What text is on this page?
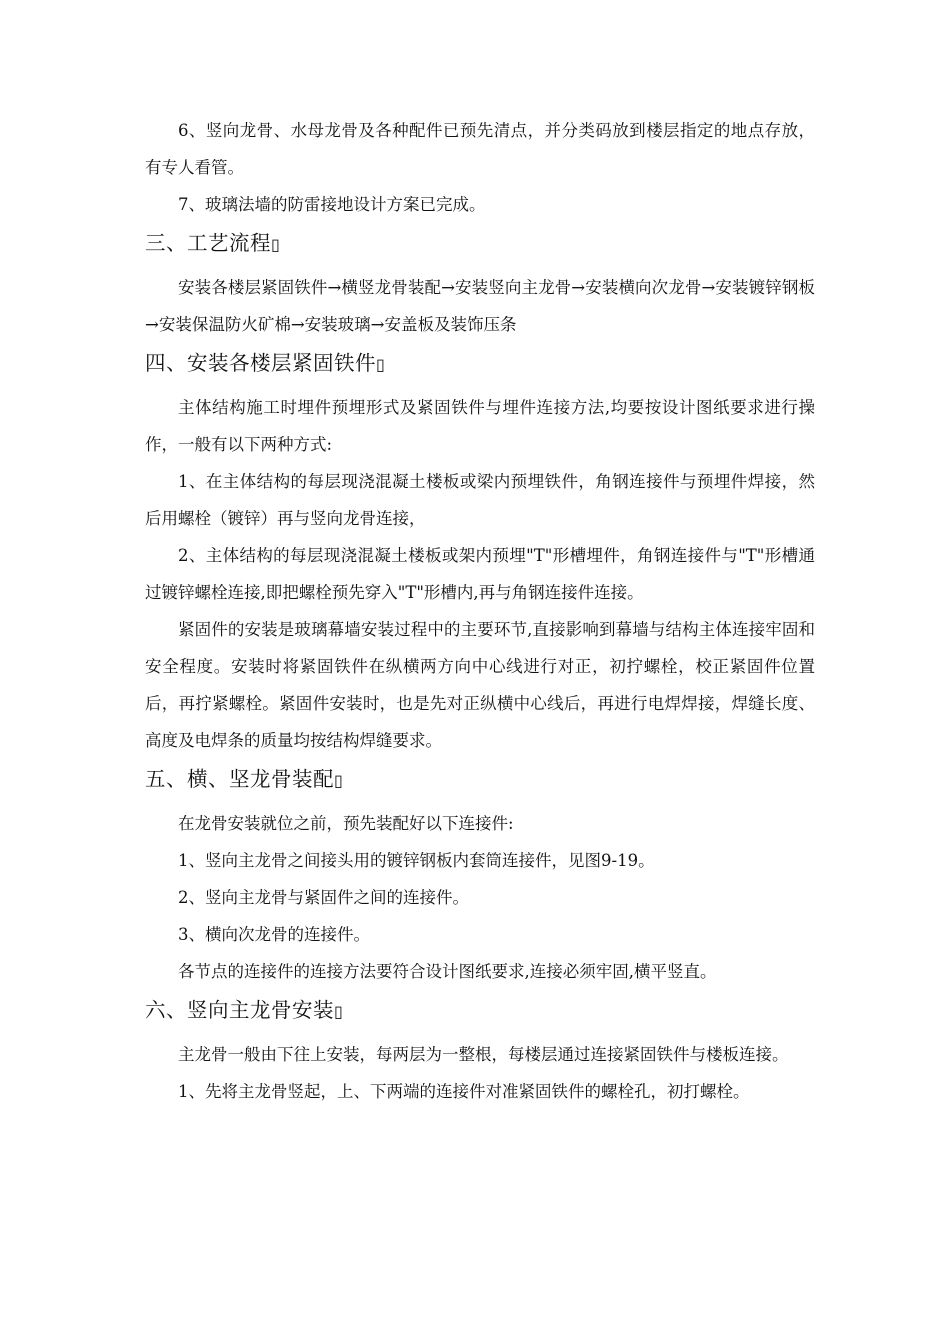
6、竖向龙骨、水母龙骨及各种配件已预先清点，并分类码放到楼层指定的地点存放，有专人看管。

7、玻璃法墙的防雷接地设计方案已完成。

三、工艺流程▯

安装各楼层紧固铁件→横竖龙骨装配→安装竖向主龙骨→安装横向次龙骨→安装镀锌钢板→安装保温防火矿棉→安装玻璃→安盖板及装饰压条

四、安装各楼层紧固铁件▯

主体结构施工时埋件预埋形式及紧固铁件与埋件连接方法,均要按设计图纸要求进行操作，一般有以下两种方式:

1、在主体结构的每层现浇混凝土楼板或梁内预埋铁件，角钢连接件与预埋件焊接，然后用螺栓（镀锌）再与竖向龙骨连接，

2、主体结构的每层现浇混凝土楼板或架内预埋"T"形槽埋件，角钢连接件与"T"形槽通过镀锌螺栓连接,即把螺栓预先穿入"T"形槽内,再与角钢连接件连接。

紧固件的安装是玻璃幕墙安装过程中的主要环节,直接影响到幕墙与结构主体连接牢固和安全程度。安装时将紧固铁件在纵横两方向中心线进行对正，初拧螺栓，校正紧固件位置后，再拧紧螺栓。紧固件安装时，也是先对正纵横中心线后，再进行电焊焊接，焊缝长度、高度及电焊条的质量均按结构焊缝要求。

五、横、坚龙骨装配▯

在龙骨安装就位之前，预先装配好以下连接件:

1、竖向主龙骨之间接头用的镀锌钢板内套筒连接件，见图9-19。

2、竖向主龙骨与紧固件之间的连接件。

3、横向次龙骨的连接件。

各节点的连接件的连接方法要符合设计图纸要求,连接必须牢固,横平竖直。

六、竖向主龙骨安装▯

主龙骨一般由下往上安装，每两层为一整根，每楼层通过连接紧固铁件与楼板连接。

1、先将主龙骨竖起，上、下两端的连接件对准紧固铁件的螺栓孔，初打螺栓。
